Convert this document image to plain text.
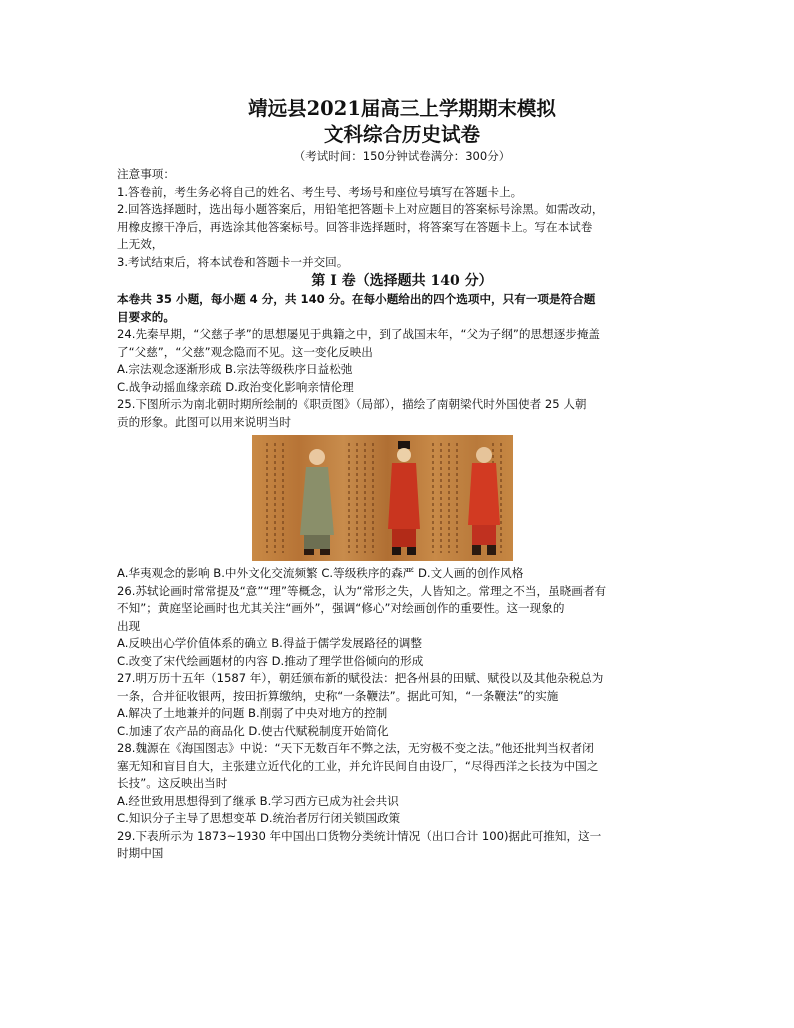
靖远县2021届高三上学期期末模拟
文科综合历史试卷
（考试时间：150分钟试卷满分：300分）
注意事项：
1.答卷前，考生务必将自己的姓名、考生号、考场号和座位号填写在答题卡上。
2.回答选择题时，选出每小题答案后，用铅笔把答题卡上对应题目的答案标号涂黑。如需改动，
用橡皮擦干净后，再选涂其他答案标号。回答非选择题时，将答案写在答题卡上。写在本试卷
上无效，
3.考试结束后，将本试卷和答题卡一并交回。
第 I 卷（选择题共 140 分）
本卷共 35 小题，每小题 4 分，共 140 分。在每小题给出的四个选项中，只有一项是符合题
目要求的。
24.先秦早期，“父慈子孝”的思想屡见于典籍之中，到了战国末年，“父为子纲”的思想逐步掩盖
了“父慈”，“父慈”观念隐而不见。这一变化反映出
A.宗法观念逐渐形成 B.宗法等级秩序日益松弛
C.战争动摇血缘亲疏 D.政治变化影响亲情伦理
25.下图所示为南北朝时期所绘制的《职贡图》（局部），描绘了南朝梁代时外国使者 25 人朝
贡的形象。此图可以用来说明当时
A.华夷观念的影响 B.中外文化交流频繁 C.等级秩序的森严 D.文人画的创作风格
26.苏轼论画时常常提及“意”“理”等概念，认为“常形之失，人皆知之。常理之不当，虽晓画者有
不知”；黄庭坚论画时也尤其关注“画外”，强调“修心”对绘画创作的重要性。这一现象的
出现
A.反映出心学价值体系的确立 B.得益于儒学发展路径的调整
C.改变了宋代绘画题材的内容 D.推动了理学世俗倾向的形成
27.明万历十五年（1587 年），朝廷颁布新的赋役法：把各州县的田赋、赋役以及其他杂税总为
一条，合并征收银两，按田折算缴纳，史称“一条鞭法”。据此可知，“一条鞭法”的实施
A.解决了土地兼并的问题 B.削弱了中央对地方的控制
C.加速了农产品的商品化 D.使古代赋税制度开始简化
28.魏源在《海国图志》中说：“天下无数百年不弊之法，无穷极不变之法。”他还批判当权者闭
塞无知和盲目自大，主张建立近代化的工业，并允许民间自由设厂，“尽得西洋之长技为中国之
长技”。这反映出当时
A.经世致用思想得到了继承 B.学习西方已成为社会共识
C.知识分子主导了思想变革 D.统治者厉行闭关锁国政策
29.下表所示为 1873~1930 年中国出口货物分类统计情况（出口合计 100)据此可推知，这一
时期中国
